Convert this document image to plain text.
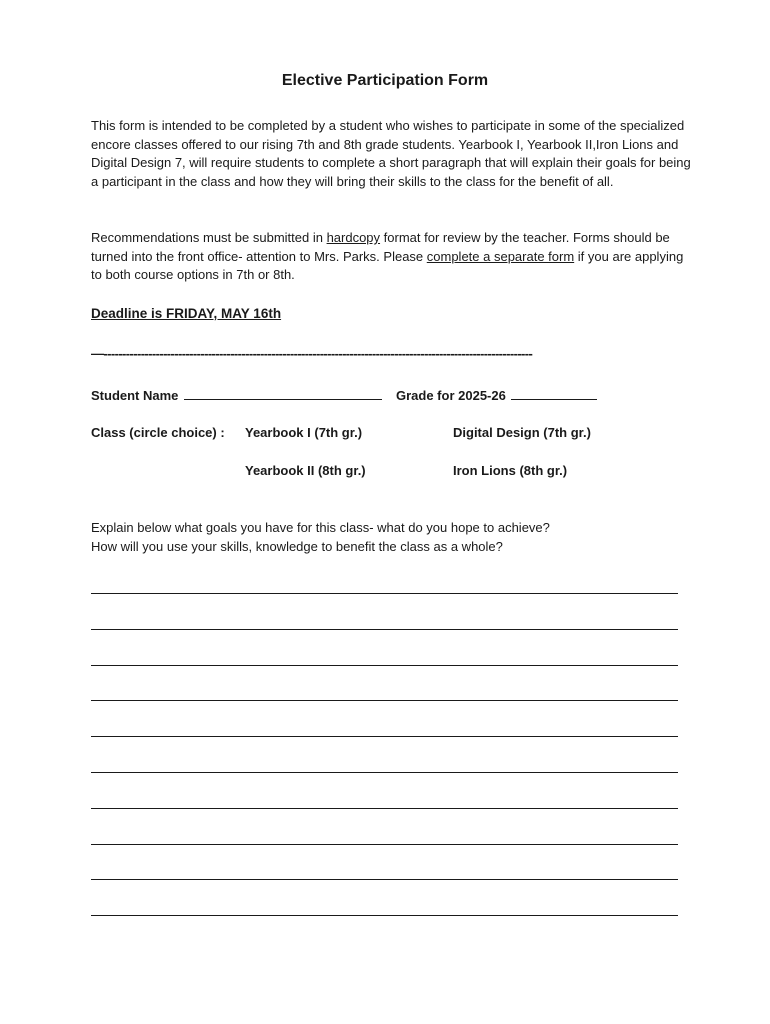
Elective Participation Form

This form is intended to be completed by a student who wishes to participate in some of the specialized encore classes offered to our rising 7th and 8th grade students. Yearbook I, Yearbook II,Iron Lions and Digital Design 7, will require students to complete a short paragraph that will explain their goals for being a participant in the class and how they will bring their skills to the class for the benefit of all.

Recommendations must be submitted in hardcopy format for review by the teacher. Forms should be turned into the front office- attention to Mrs. Parks. Please complete a separate form if you are applying to both course options in 7th or 8th.

Deadline is FRIDAY, MAY 16th
—-------------------------------------------------------------------------------------------------------------------
Student Name	Grade for 2025-26
Class (circle choice) : Yearbook I (7th gr.)	Digital Design (7th gr.)
Yearbook II (8th gr.)	Iron Lions (8th gr.)

Explain below what goals you have for this class- what do you hope to achieve?
How will you use your skills, knowledge to benefit the class as a whole?
